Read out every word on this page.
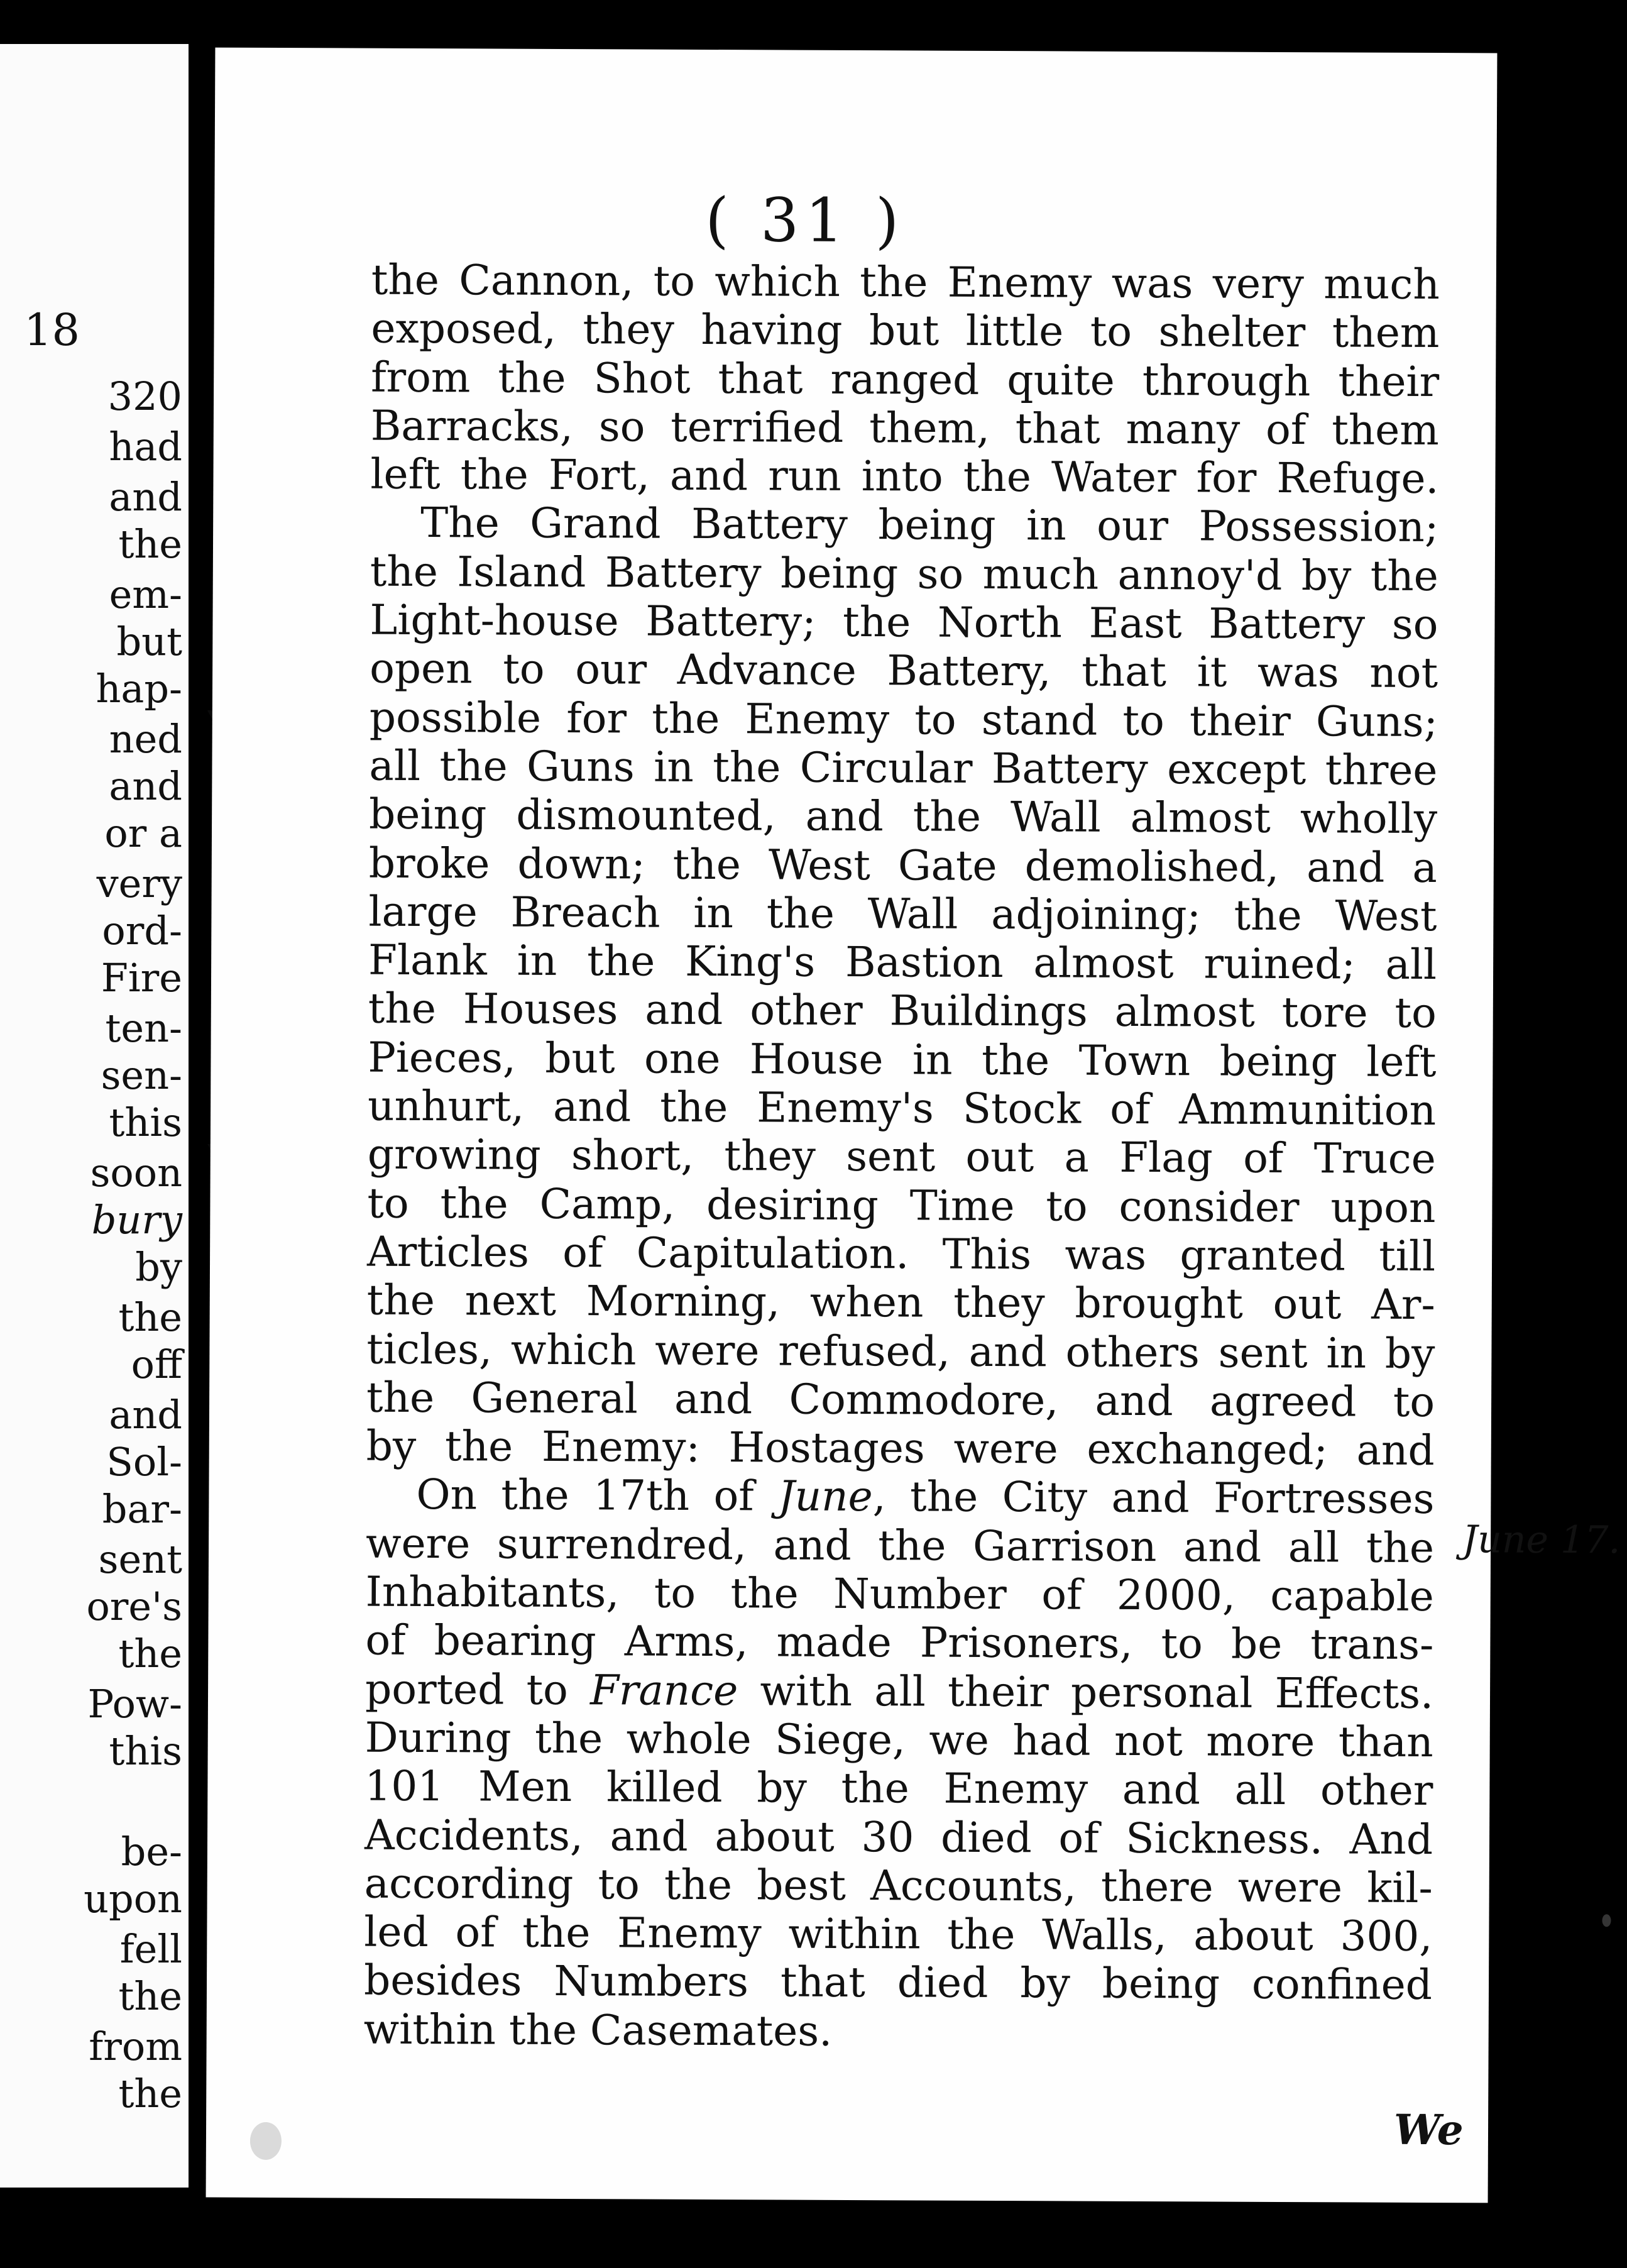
18
320
had
and
the
em-
but
hap-
ned
and
or a
very
ord-
Fire
ten-
sen-
this
soon
bury
by
the
off
and
Sol-
bar-
sent
ore's
the
Pow-
this
be-
upon
fell
the
from
the
( 31 )
the Cannon, to which the Enemy was very much
exposed, they having but little to shelter them
from the Shot that ranged quite through their
Barracks, so terrified them, that many of them
left the Fort, and run into the Water for Refuge.
The Grand Battery being in our Possession;
the Island Battery being so much annoy'd by the
Light-house Battery; the North East Battery so
open to our Advance Battery, that it was not
possible for the Enemy to stand to their Guns;
all the Guns in the Circular Battery except three
being dismounted, and the Wall almost wholly
broke down; the West Gate demolished, and a
large Breach in the Wall adjoining; the West
Flank in the King's Bastion almost ruined; all
the Houses and other Buildings almost tore to
Pieces, but one House in the Town being left
unhurt, and the Enemy's Stock of Ammunition
growing short, they sent out a Flag of Truce
to the Camp, desiring Time to consider upon
Articles of Capitulation. This was granted till
the next Morning, when they brought out Ar-
ticles, which were refused, and others sent in by
the General and Commodore, and agreed to
by the Enemy: Hostages were exchanged; and
On the 17th of June, the City and Fortresses
were surrendred, and the Garrison and all the
Inhabitants, to the Number of 2000, capable
of bearing Arms, made Prisoners, to be trans-
ported to France with all their personal Effects.
During the whole Siege, we had not more than
101 Men killed by the Enemy and all other
Accidents, and about 30 died of Sickness. And
according to the best Accounts, there were kil-
led of the Enemy within the Walls, about 300,
besides Numbers that died by being confined
within the Casemates.
June 17.
We
